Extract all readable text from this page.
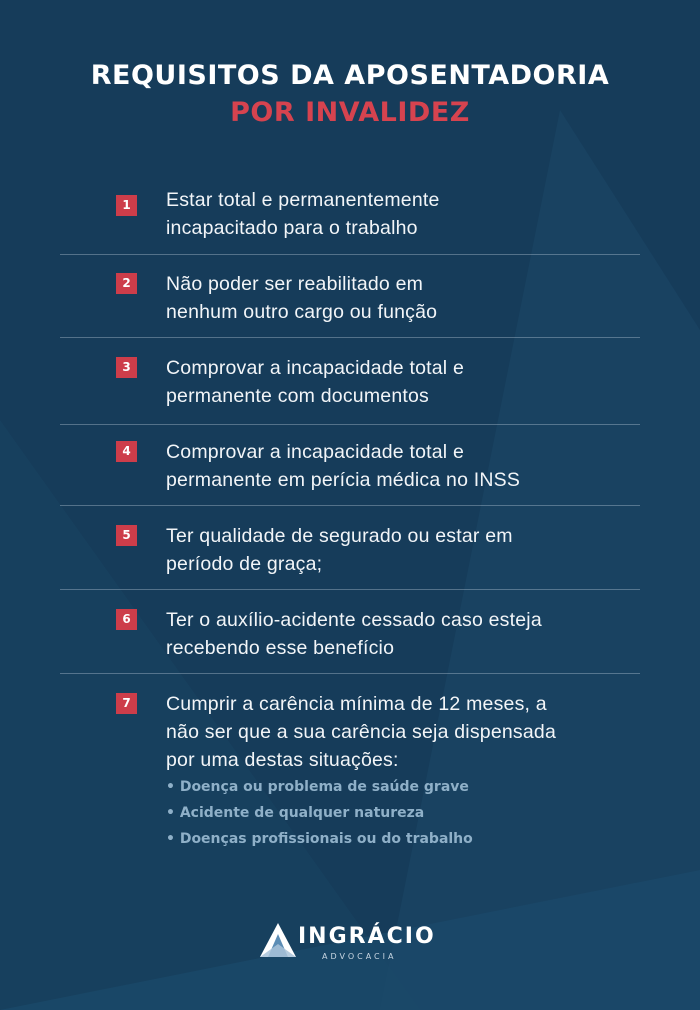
REQUISITOS DA APOSENTADORIA
POR INVALIDEZ
1	Estar total e permanentemente
incapacitado para o trabalho
2	Não poder ser reabilitado em
nenhum outro cargo ou função
3	Comprovar a incapacidade total e
permanente com documentos
4	Comprovar a incapacidade total e
permanente em perícia médica no INSS
5	Ter qualidade de segurado ou estar em
período de graça;
6	Ter o auxílio-acidente cessado caso esteja
recebendo esse benefício
7	Cumprir a carência mínima de 12 meses, a
não ser que a sua carência seja dispensada
por uma destas situações:
• Doença ou problema de saúde grave
• Acidente de qualquer natureza
• Doenças profissionais ou do trabalho
INGRÁCIO
ADVOCACIA
